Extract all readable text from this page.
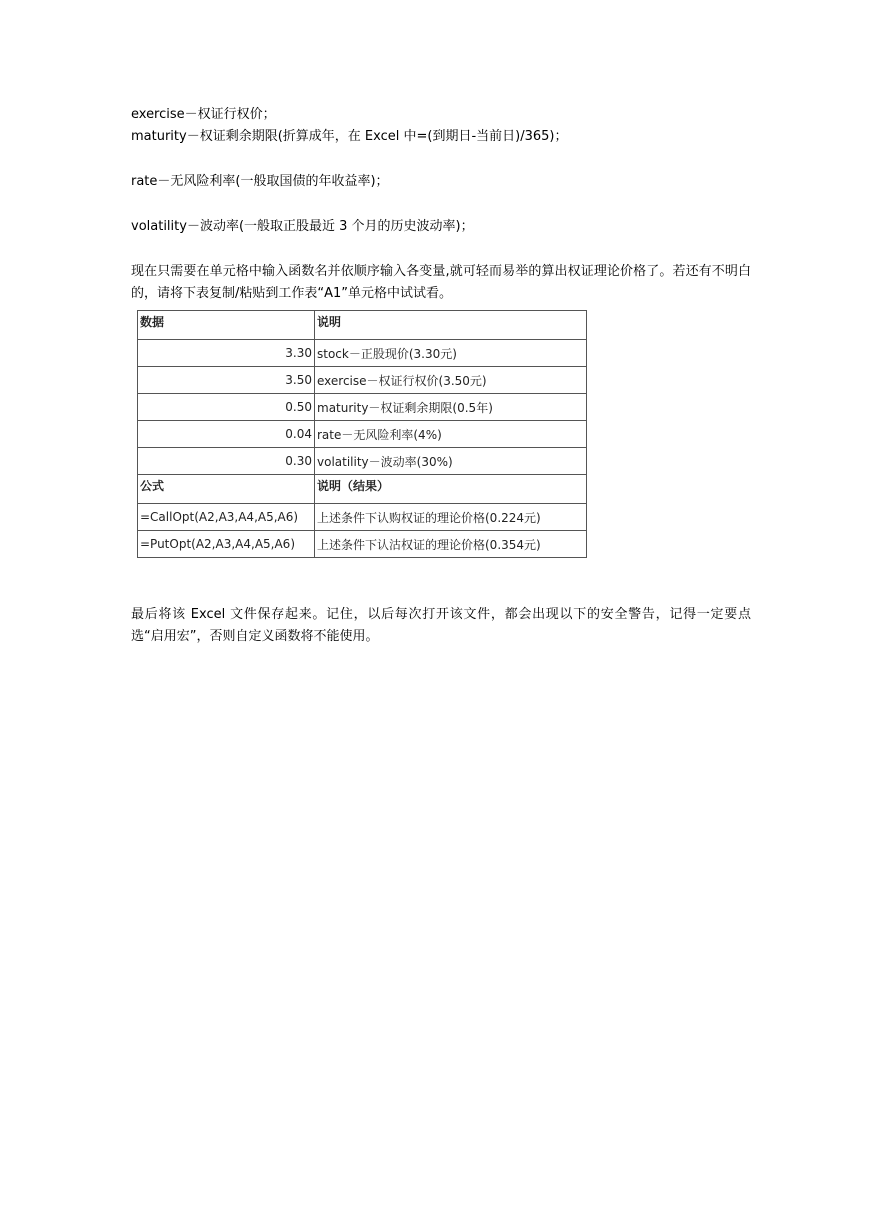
exercise－权证行权价；
maturity－权证剩余期限(折算成年，在 Excel 中=(到期日-当前日)/365)；
rate－无风险利率(一般取国债的年收益率)；
volatility－波动率(一般取正股最近 3 个月的历史波动率)；
现在只需要在单元格中输入函数名并依顺序输入各变量,就可轻而易举的算出权证理论价格了。若还有不明白的，请将下表复制/粘贴到工作表“A1”单元格中试试看。
数据	说明
3.30	stock－正股现价(3.30元)
3.50	exercise－权证行权价(3.50元)
0.50	maturity－权证剩余期限(0.5年)
0.04	rate－无风险利率(4%)
0.30	volatility－波动率(30%)
公式	说明（结果）
=CallOpt(A2,A3,A4,A5,A6)	上述条件下认购权证的理论价格(0.224元)
=PutOpt(A2,A3,A4,A5,A6)	上述条件下认沽权证的理论价格(0.354元)
最后将该 Excel 文件保存起来。记住，以后每次打开该文件，都会出现以下的安全警告，记得一定要点选“启用宏”，否则自定义函数将不能使用。
